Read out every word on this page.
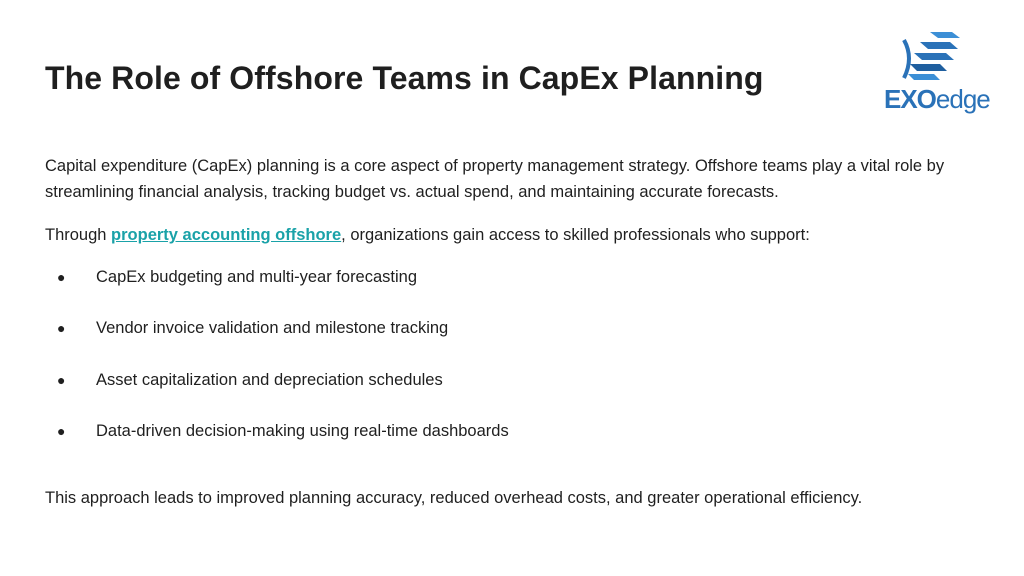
The Role of Offshore Teams in CapEx Planning
EXOedge

Capital expenditure (CapEx) planning is a core aspect of property management strategy. Offshore teams play a vital role by streamlining financial analysis, tracking budget vs. actual spend, and maintaining accurate forecasts.

Through property accounting offshore, organizations gain access to skilled professionals who support:

● CapEx budgeting and multi-year forecasting
● Vendor invoice validation and milestone tracking
● Asset capitalization and depreciation schedules
● Data-driven decision-making using real-time dashboards

This approach leads to improved planning accuracy, reduced overhead costs, and greater operational efficiency.
